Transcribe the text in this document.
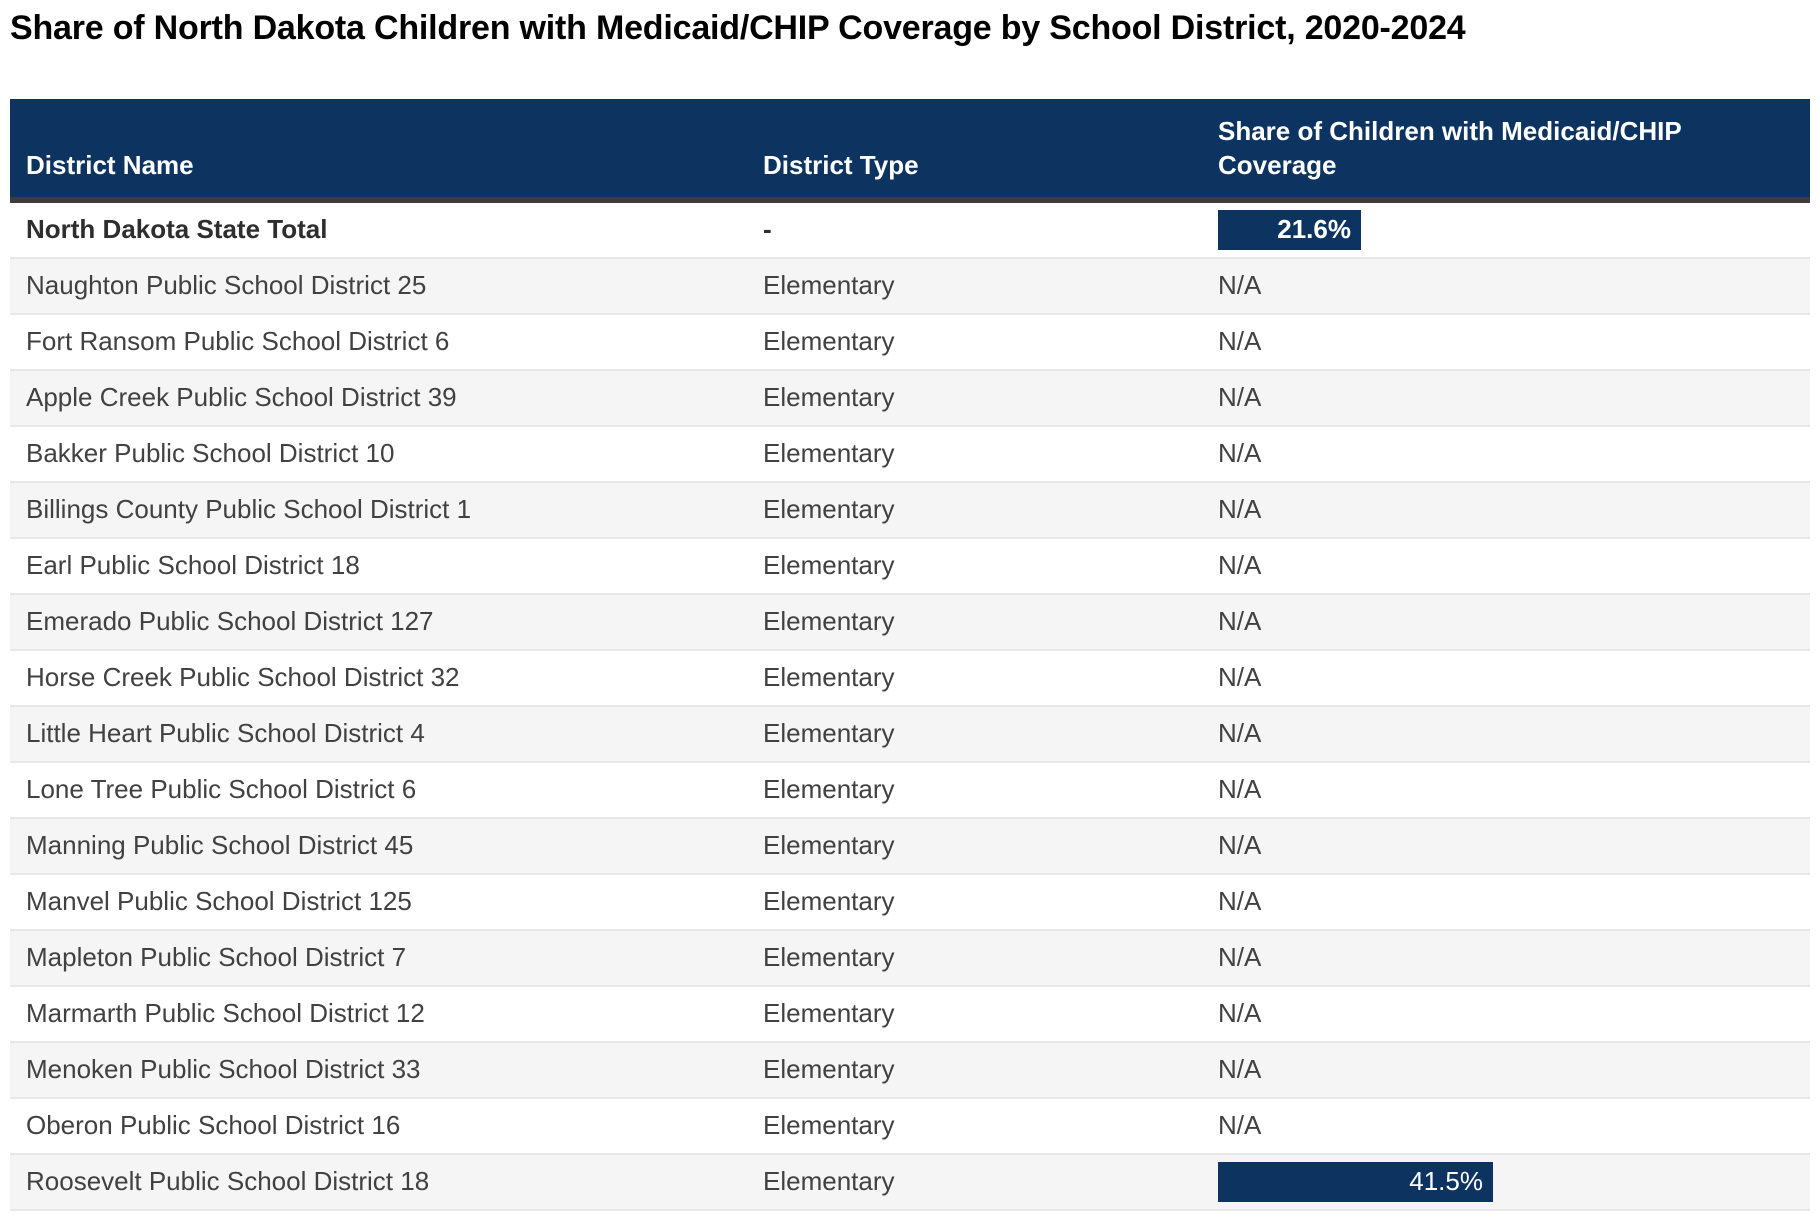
Share of North Dakota Children with Medicaid/CHIP Coverage by School District, 2020-2024
District Name	District Type	Share of Children with Medicaid/CHIP Coverage
North Dakota State Total	-	21.6%

Naughton Public School District 25	Elementary	N/A
Fort Ransom Public School District 6	Elementary	N/A
Apple Creek Public School District 39	Elementary	N/A
Bakker Public School District 10	Elementary	N/A
Billings County Public School District 1	Elementary	N/A
Earl Public School District 18	Elementary	N/A
Emerado Public School District 127	Elementary	N/A
Horse Creek Public School District 32	Elementary	N/A
Little Heart Public School District 4	Elementary	N/A
Lone Tree Public School District 6	Elementary	N/A
Manning Public School District 45	Elementary	N/A
Manvel Public School District 125	Elementary	N/A
Mapleton Public School District 7	Elementary	N/A
Marmarth Public School District 12	Elementary	N/A
Menoken Public School District 33	Elementary	N/A
Oberon Public School District 16	Elementary	N/A
Roosevelt Public School District 18	Elementary	41.5%
